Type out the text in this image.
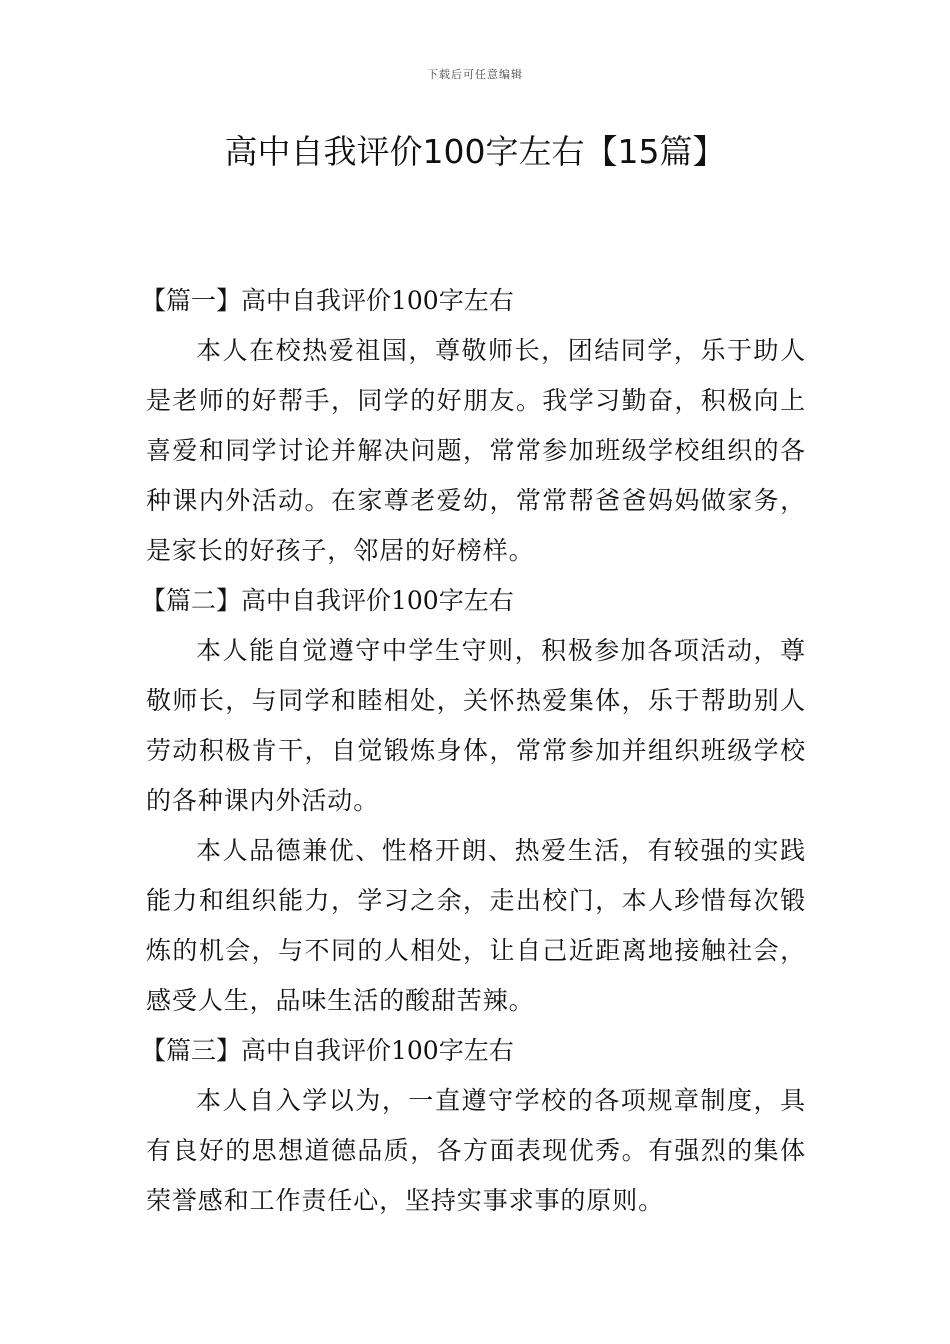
下载后可任意编辑
高中自我评价100字左右【15篇】

【篇一】高中自我评价100字左右

本人在校热爱祖国，尊敬师长，团结同学，乐于助人是老师的好帮手，同学的好朋友。我学习勤奋，积极向上喜爱和同学讨论并解决问题，常常参加班级学校组织的各种课内外活动。在家尊老爱幼，常常帮爸爸妈妈做家务，是家长的好孩子，邻居的好榜样。

【篇二】高中自我评价100字左右

本人能自觉遵守中学生守则，积极参加各项活动，尊敬师长，与同学和睦相处，关怀热爱集体，乐于帮助别人劳动积极肯干，自觉锻炼身体，常常参加并组织班级学校的各种课内外活动。

本人品德兼优、性格开朗、热爱生活，有较强的实践能力和组织能力，学习之余，走出校门，本人珍惜每次锻炼的机会，与不同的人相处，让自己近距离地接触社会，感受人生，品味生活的酸甜苦辣。

【篇三】高中自我评价100字左右

本人自入学以为，一直遵守学校的各项规章制度，具有良好的思想道德品质，各方面表现优秀。有强烈的集体荣誉感和工作责任心，坚持实事求事的原则。
